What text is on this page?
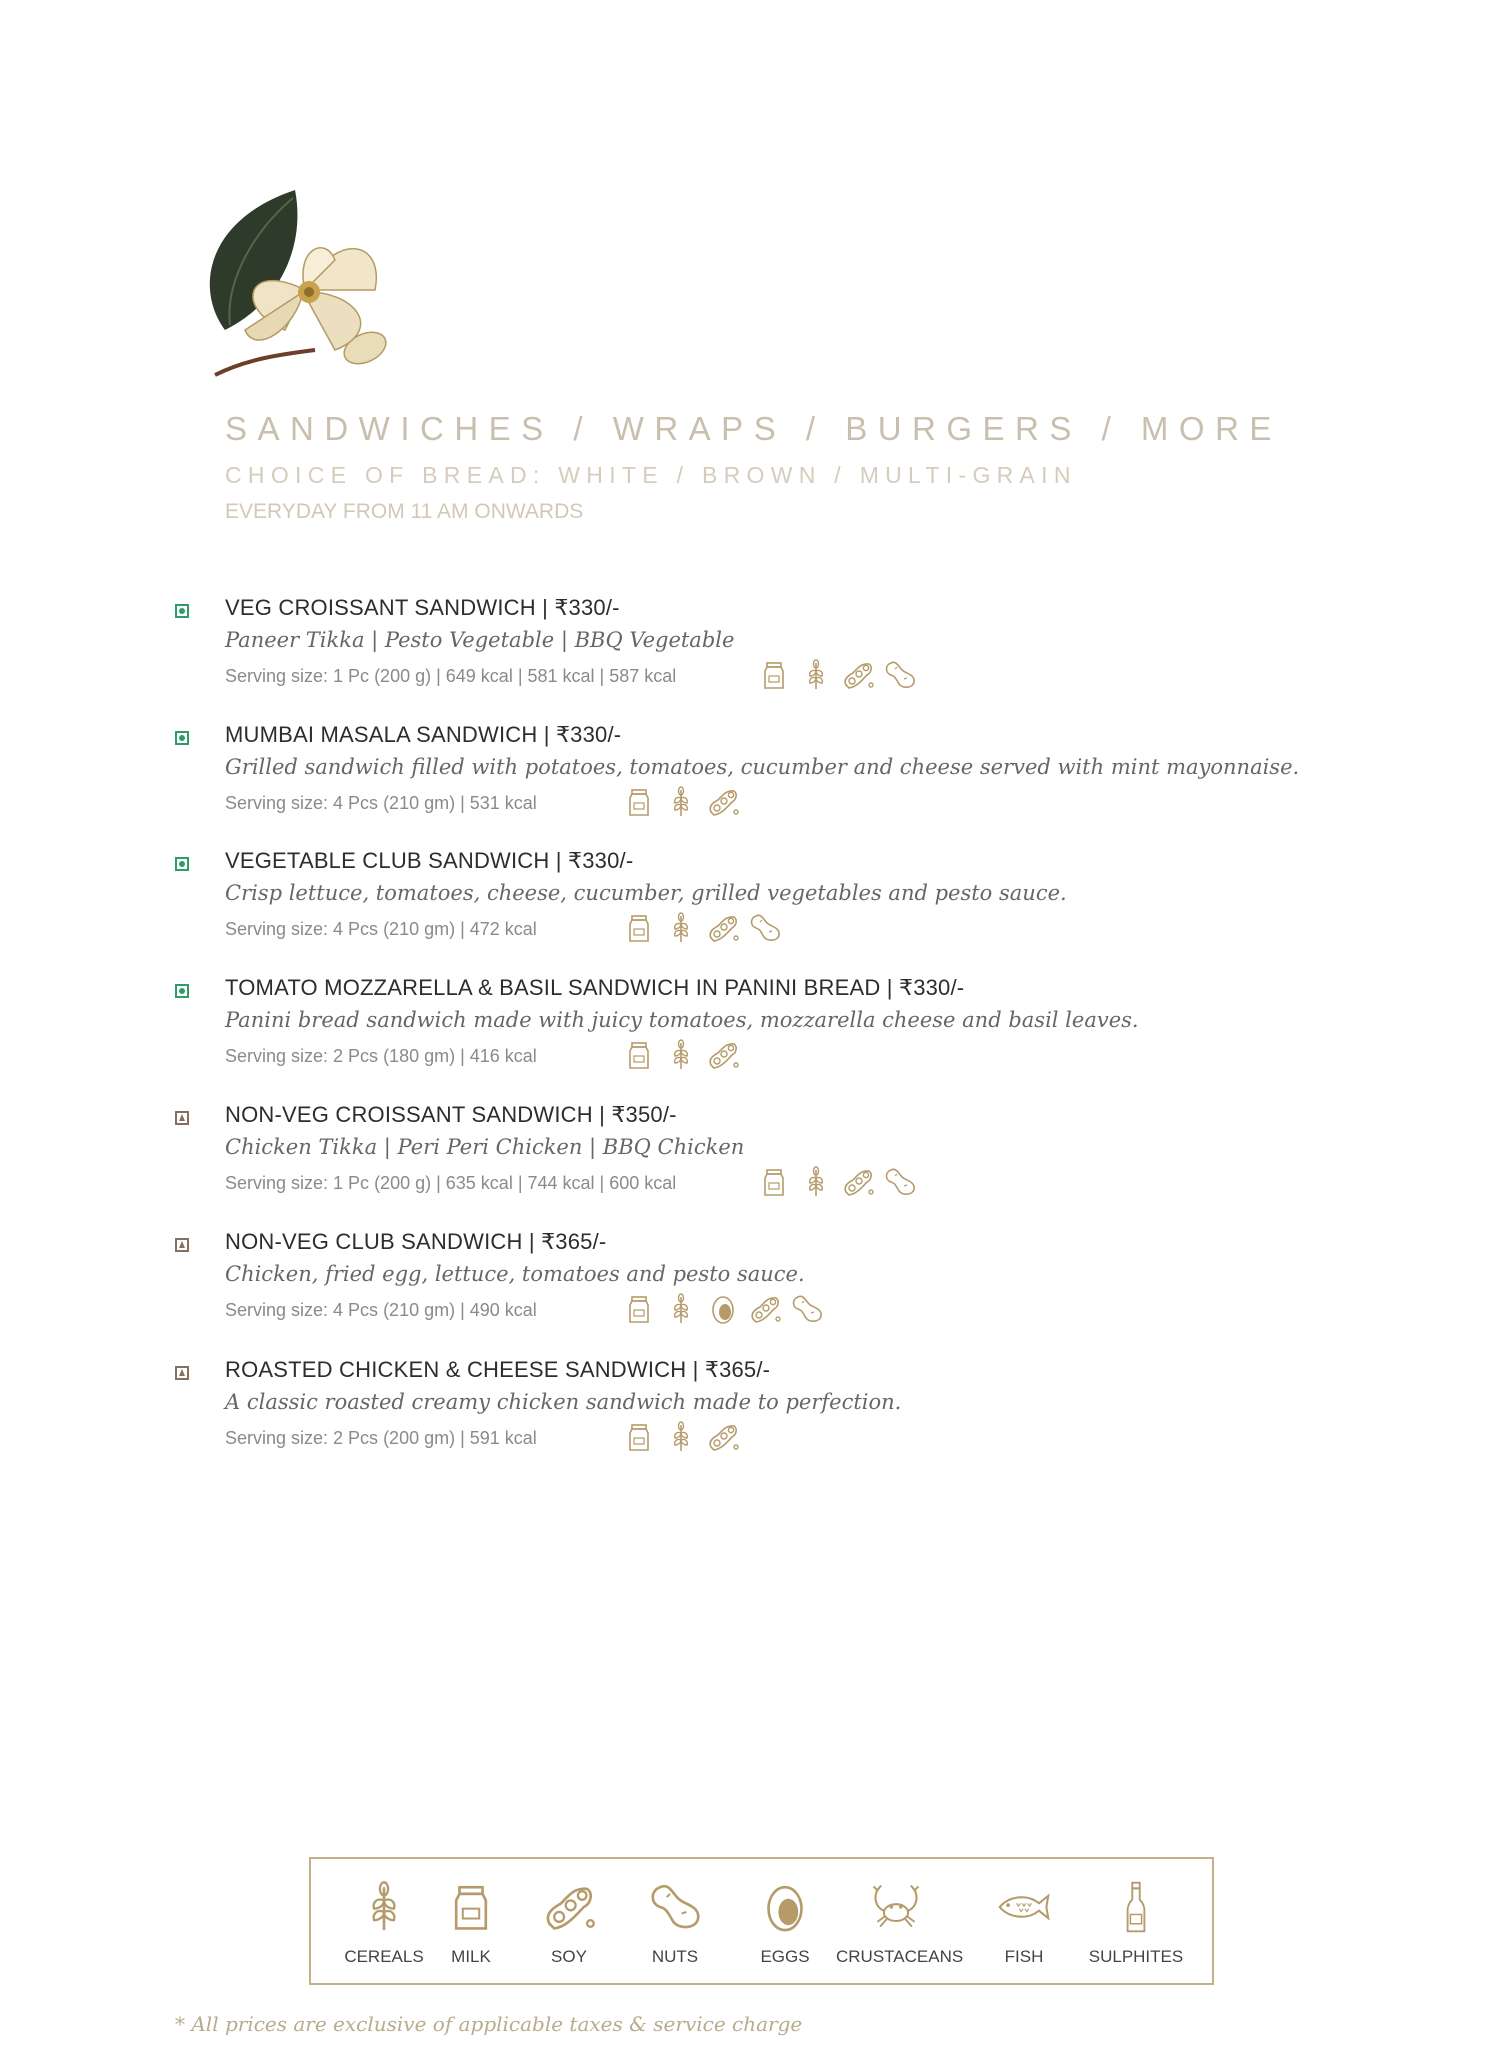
SANDWICHES / WRAPS / BURGERS / MORE
CHOICE OF BREAD: WHITE / BROWN / MULTI-GRAIN
EVERYDAY FROM 11 AM ONWARDS
VEG CROISSANT SANDWICH | ₹330/-
Paneer Tikka | Pesto Vegetable | BBQ Vegetable
Serving size: 1 Pc (200 g) | 649 kcal | 581 kcal | 587 kcal
MUMBAI MASALA SANDWICH | ₹330/-
Grilled sandwich filled with potatoes, tomatoes, cucumber and cheese served with mint mayonnaise.
Serving size: 4 Pcs (210 gm) | 531 kcal
VEGETABLE CLUB SANDWICH | ₹330/-
Crisp lettuce, tomatoes, cheese, cucumber, grilled vegetables and pesto sauce.
Serving size: 4 Pcs (210 gm) | 472 kcal
TOMATO MOZZARELLA & BASIL SANDWICH IN PANINI BREAD | ₹330/-
Panini bread sandwich made with juicy tomatoes, mozzarella cheese and basil leaves.
Serving size: 2 Pcs (180 gm) | 416 kcal
NON-VEG CROISSANT SANDWICH | ₹350/-
Chicken Tikka | Peri Peri Chicken | BBQ Chicken
Serving size: 1 Pc (200 g) | 635 kcal | 744 kcal | 600 kcal
NON-VEG CLUB SANDWICH | ₹365/-
Chicken, fried egg, lettuce, tomatoes and pesto sauce.
Serving size: 4 Pcs (210 gm) | 490 kcal
ROASTED CHICKEN & CHEESE SANDWICH | ₹365/-
A classic roasted creamy chicken sandwich made to perfection.
Serving size: 2 Pcs (200 gm) | 591 kcal
CEREALS	MILK	SOY	NUTS	EGGS	CRUSTACEANS	FISH	SULPHITES
* All prices are exclusive of applicable taxes & service charge
